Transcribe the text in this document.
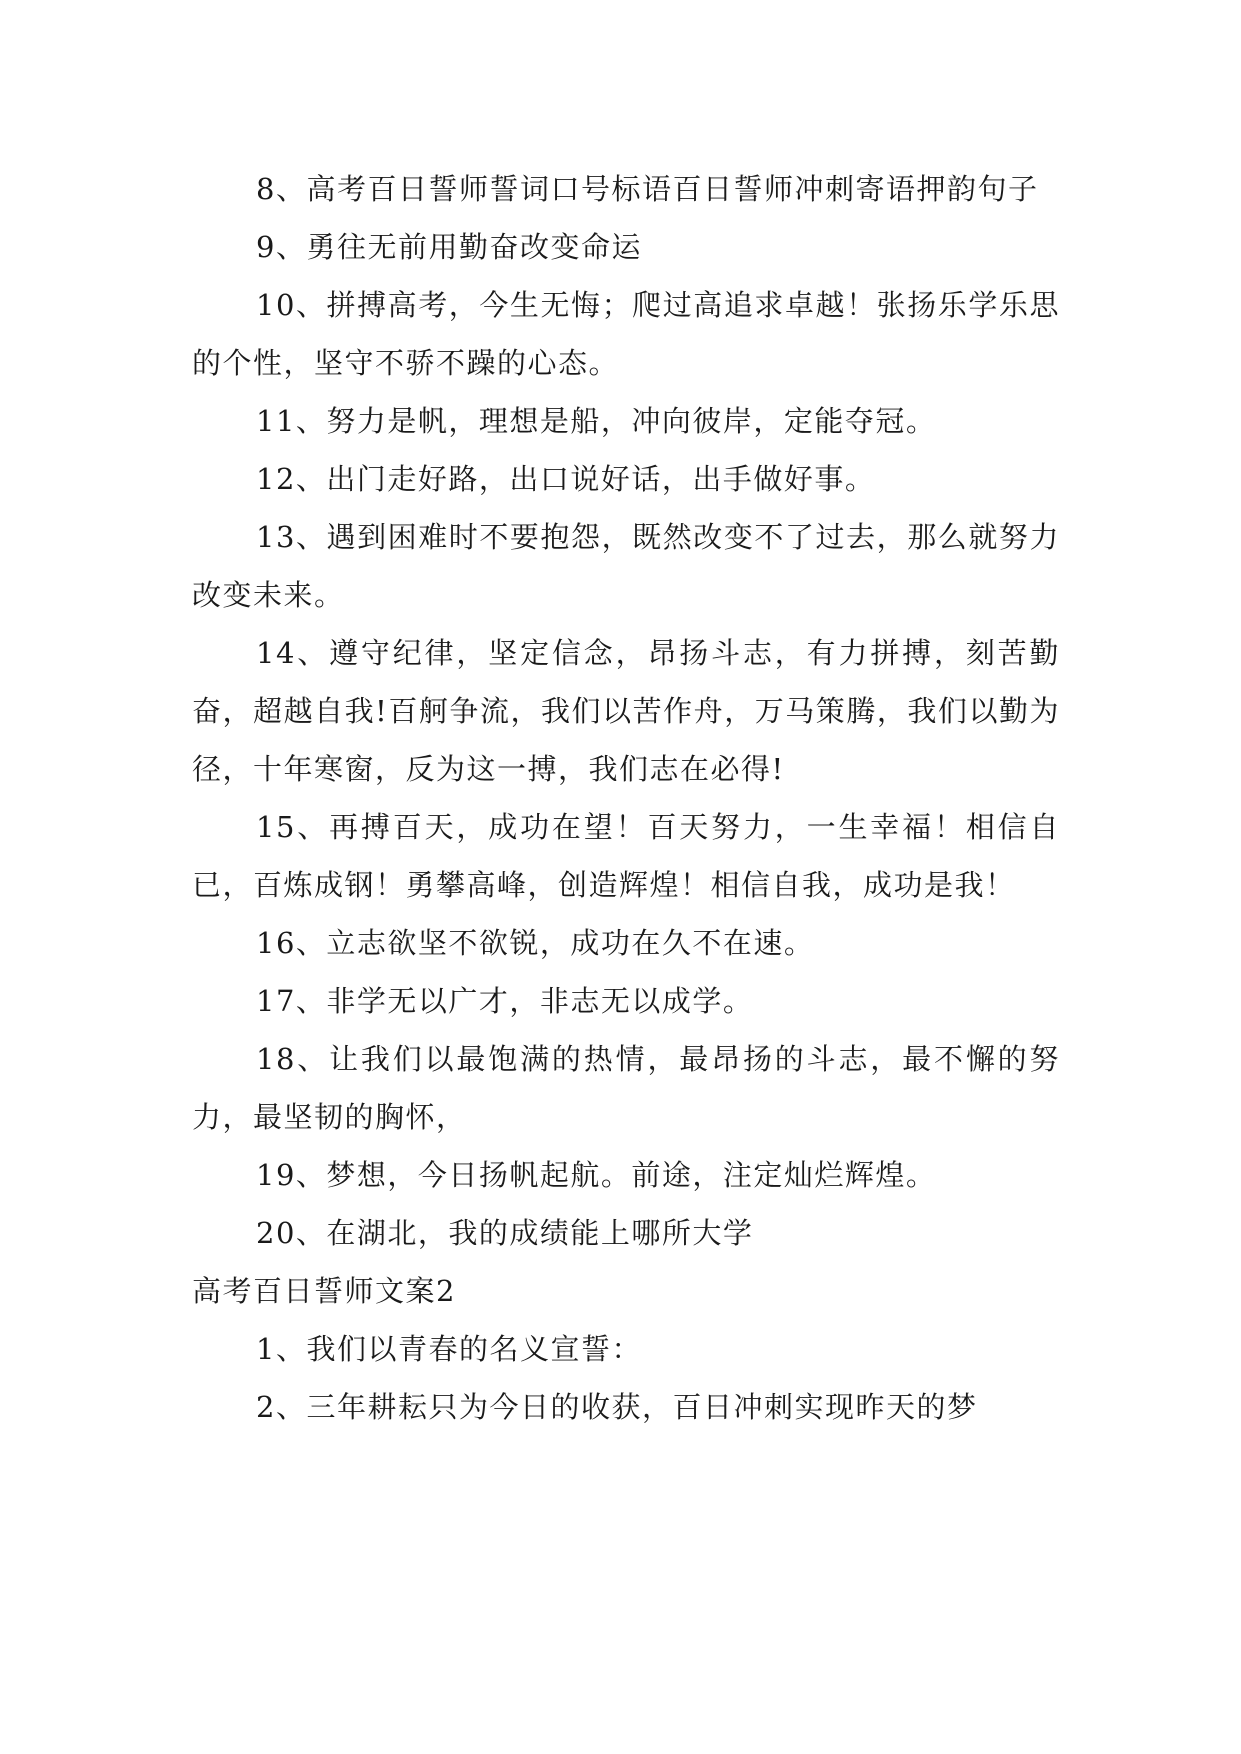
8、高考百日誓师誓词口号标语百日誓师冲刺寄语押韵句子

9、勇往无前用勤奋改变命运

10、拼搏高考，今生无悔；爬过高追求卓越！张扬乐学乐思的个性，坚守不骄不躁的心态。

11、努力是帆，理想是船，冲向彼岸，定能夺冠。

12、出门走好路，出口说好话，出手做好事。

13、遇到困难时不要抱怨，既然改变不了过去，那么就努力改变未来。

14、遵守纪律，坚定信念，昂扬斗志，有力拼搏，刻苦勤奋，超越自我!百舸争流，我们以苦作舟，万马策腾，我们以勤为径，十年寒窗，反为这一搏，我们志在必得!

15、再搏百天，成功在望！百天努力，一生幸福！相信自已，百炼成钢！勇攀高峰，创造辉煌！相信自我，成功是我！

16、立志欲坚不欲锐，成功在久不在速。

17、非学无以广才，非志无以成学。

18、让我们以最饱满的热情，最昂扬的斗志，最不懈的努力，最坚韧的胸怀，

19、梦想，今日扬帆起航。前途，注定灿烂辉煌。

20、在湖北，我的成绩能上哪所大学

高考百日誓师文案2

1、我们以青春的名义宣誓：

2、三年耕耘只为今日的收获，百日冲刺实现昨天的梦
